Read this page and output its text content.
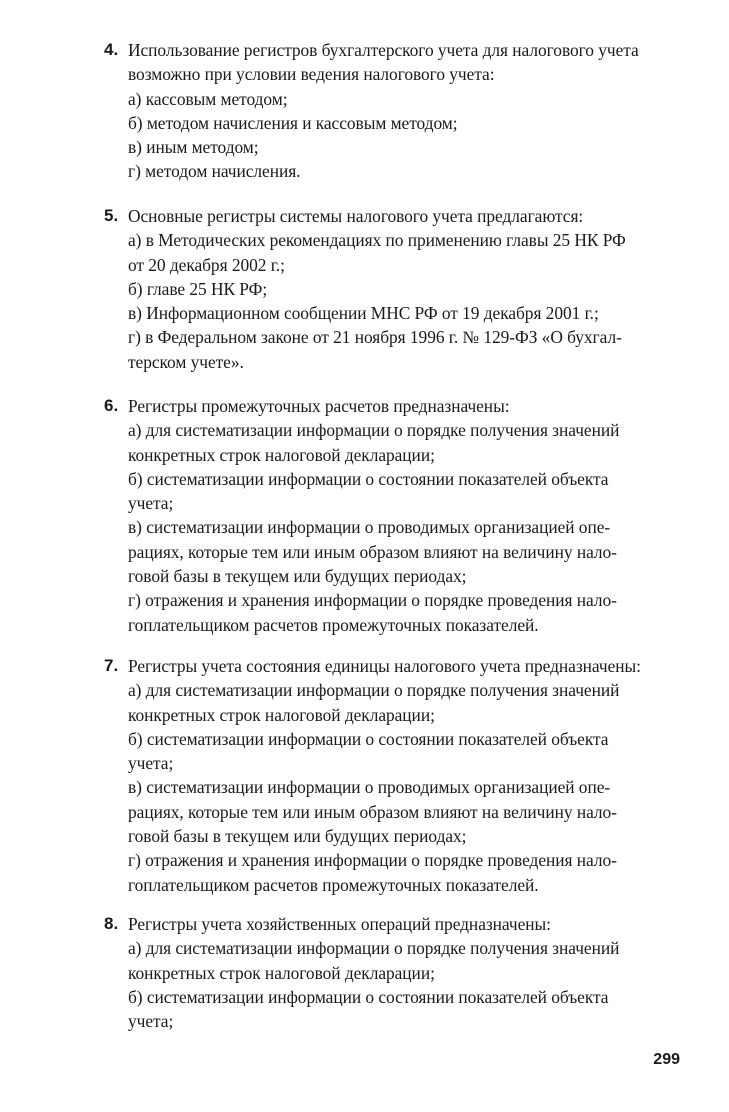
4. Использование регистров бухгалтерского учета для налогового учета
возможно при условии ведения налогового учета:
а) кассовым методом;
б) методом начисления и кассовым методом;
в) иным методом;
г) методом начисления.
5. Основные регистры системы налогового учета предлагаются:
а) в Методических рекомендациях по применению главы 25 НК РФ
от 20 декабря 2002 г.;
б) главе 25 НК РФ;
в) Информационном сообщении МНС РФ от 19 декабря 2001 г.;
г) в Федеральном законе от 21 ноября 1996 г. № 129-ФЗ «О бухгал-
терском учете».
6. Регистры промежуточных расчетов предназначены:
а) для систематизации информации о порядке получения значений
конкретных строк налоговой декларации;
б) систематизации информации о состоянии показателей объекта
учета;
в) систематизации информации о проводимых организацией опе-
рациях, которые тем или иным образом влияют на величину нало-
говой базы в текущем или будущих периодах;
г) отражения и хранения информации о порядке проведения нало-
гоплательщиком расчетов промежуточных показателей.
7. Регистры учета состояния единицы налогового учета предназначены:
а) для систематизации информации о порядке получения значений
конкретных строк налоговой декларации;
б) систематизации информации о состоянии показателей объекта
учета;
в) систематизации информации о проводимых организацией опе-
рациях, которые тем или иным образом влияют на величину нало-
говой базы в текущем или будущих периодах;
г) отражения и хранения информации о порядке проведения нало-
гоплательщиком расчетов промежуточных показателей.
8. Регистры учета хозяйственных операций предназначены:
а) для систематизации информации о порядке получения значений
конкретных строк налоговой декларации;
б) систематизации информации о состоянии показателей объекта
учета;
299
